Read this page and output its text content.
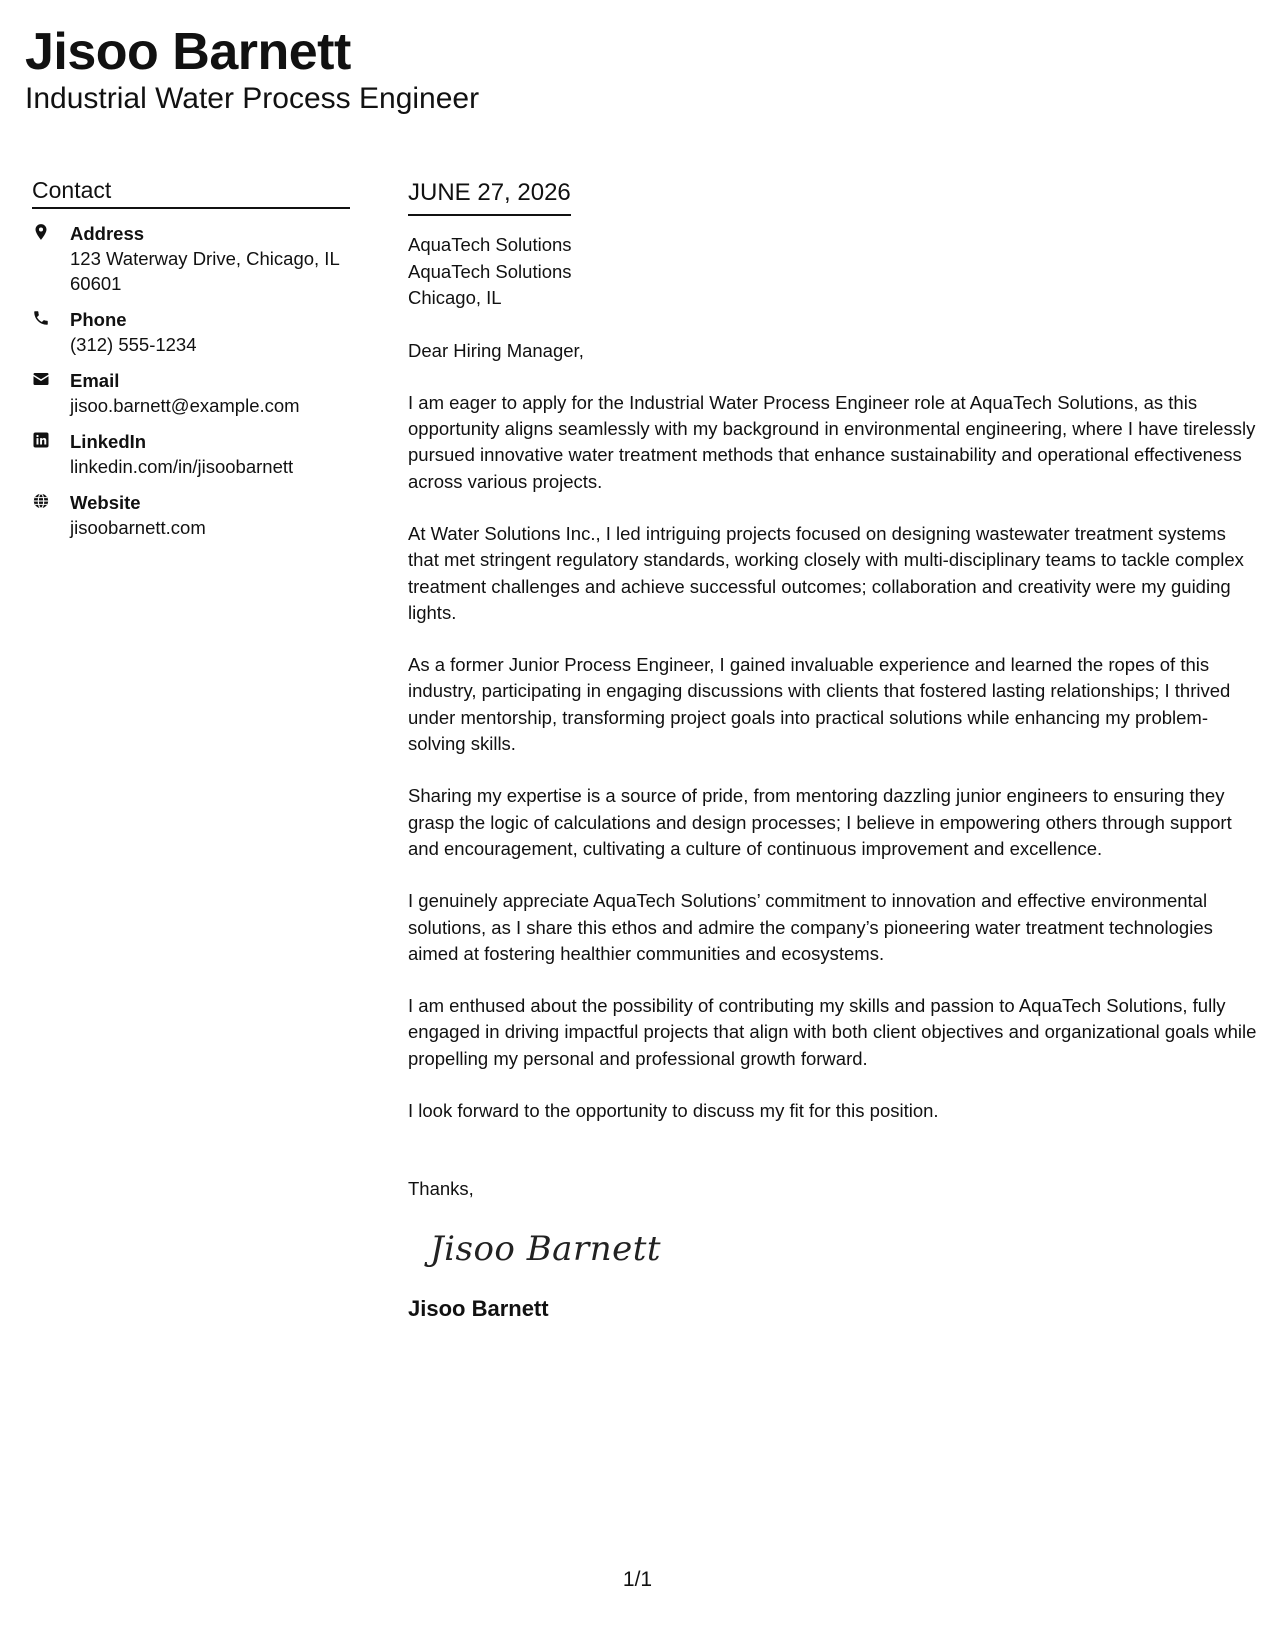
Jisoo Barnett
Industrial Water Process Engineer
Contact
Address
123 Waterway Drive, Chicago, IL 60601
Phone
(312) 555-1234
Email
jisoo.barnett@example.com
LinkedIn
linkedin.com/in/jisoobarnett
Website
jisoobarnett.com
JUNE 27, 2026
AquaTech Solutions
AquaTech Solutions
Chicago, IL

Dear Hiring Manager,

I am eager to apply for the Industrial Water Process Engineer role at AquaTech Solutions, as this opportunity aligns seamlessly with my background in environmental engineering, where I have tirelessly pursued innovative water treatment methods that enhance sustainability and operational effectiveness across various projects.

At Water Solutions Inc., I led intriguing projects focused on designing wastewater treatment systems that met stringent regulatory standards, working closely with multi-disciplinary teams to tackle complex treatment challenges and achieve successful outcomes; collaboration and creativity were my guiding lights.

As a former Junior Process Engineer, I gained invaluable experience and learned the ropes of this industry, participating in engaging discussions with clients that fostered lasting relationships; I thrived under mentorship, transforming project goals into practical solutions while enhancing my problem-solving skills.

Sharing my expertise is a source of pride, from mentoring dazzling junior engineers to ensuring they grasp the logic of calculations and design processes; I believe in empowering others through support and encouragement, cultivating a culture of continuous improvement and excellence.

I genuinely appreciate AquaTech Solutions’ commitment to innovation and effective environmental solutions, as I share this ethos and admire the company’s pioneering water treatment technologies aimed at fostering healthier communities and ecosystems.

I am enthused about the possibility of contributing my skills and passion to AquaTech Solutions, fully engaged in driving impactful projects that align with both client objectives and organizational goals while propelling my personal and professional growth forward.

I look forward to the opportunity to discuss my fit for this position.

Thanks,
Jisoo Barnett
Jisoo Barnett
1/1
